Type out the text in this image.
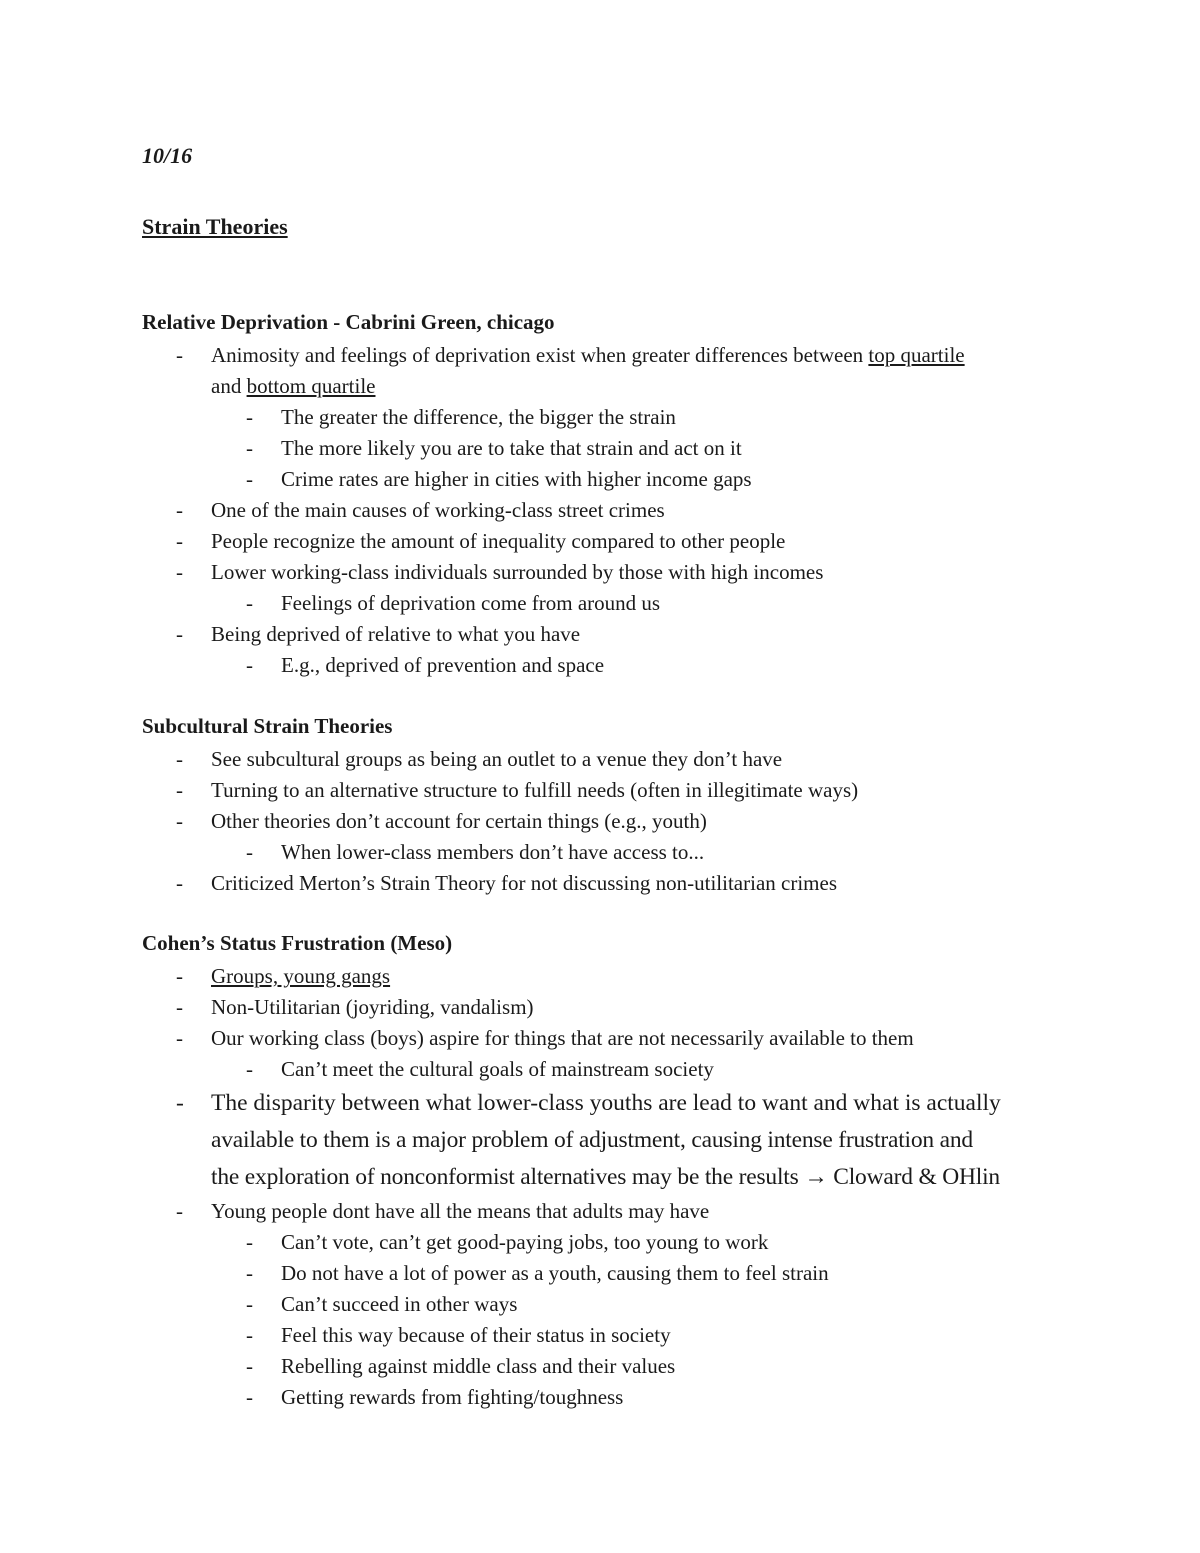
10/16
Strain Theories
Relative Deprivation - Cabrini Green, chicago
- Animosity and feelings of deprivation exist when greater differences between top quartile
and bottom quartile
- The greater the difference, the bigger the strain
- The more likely you are to take that strain and act on it
- Crime rates are higher in cities with higher income gaps
- One of the main causes of working-class street crimes
- People recognize the amount of inequality compared to other people
- Lower working-class individuals surrounded by those with high incomes
- Feelings of deprivation come from around us
- Being deprived of relative to what you have
- E.g., deprived of prevention and space
Subcultural Strain Theories
- See subcultural groups as being an outlet to a venue they don’t have
- Turning to an alternative structure to fulfill needs (often in illegitimate ways)
- Other theories don’t account for certain things (e.g., youth)
- When lower-class members don’t have access to...
- Criticized Merton’s Strain Theory for not discussing non-utilitarian crimes
Cohen’s Status Frustration (Meso)
- Groups, young gangs
- Non-Utilitarian (joyriding, vandalism)
- Our working class (boys) aspire for things that are not necessarily available to them
- Can’t meet the cultural goals of mainstream society
- The disparity between what lower-class youths are lead to want and what is actually
available to them is a major problem of adjustment, causing intense frustration and
the exploration of nonconformist alternatives may be the results → Cloward & OHlin
- Young people dont have all the means that adults may have
- Can’t vote, can’t get good-paying jobs, too young to work
- Do not have a lot of power as a youth, causing them to feel strain
- Can’t succeed in other ways
- Feel this way because of their status in society
- Rebelling against middle class and their values
- Getting rewards from fighting/toughness
